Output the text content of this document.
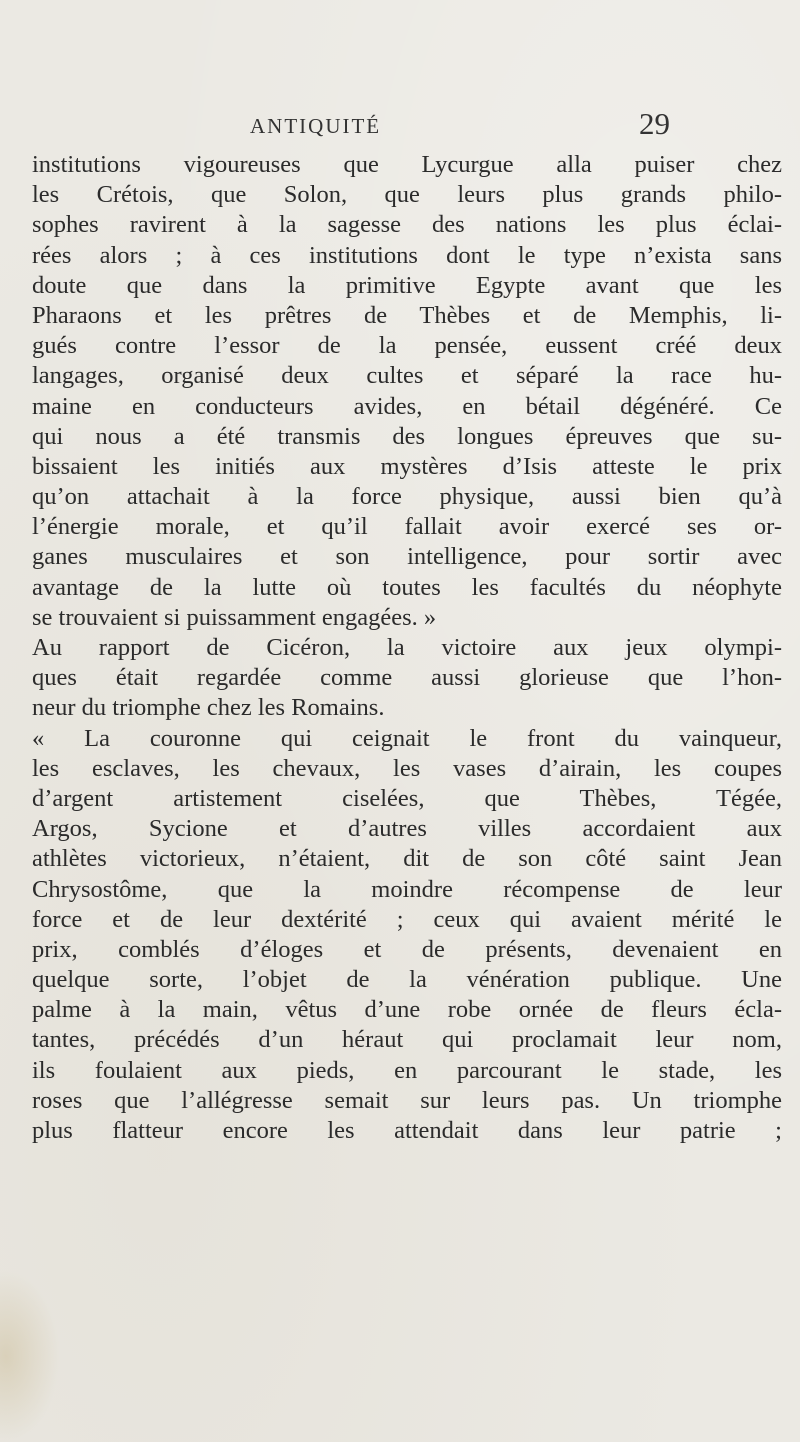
ANTIQUITÉ	29
institutions vigoureuses que Lycurgue alla puiser chez
les Crétois, que Solon, que leurs plus grands philo-
sophes ravirent à la sagesse des nations les plus éclai-
rées alors ; à ces institutions dont le type n’exista sans
doute que dans la primitive Egypte avant que les
Pharaons et les prêtres de Thèbes et de Memphis, li-
gués contre l’essor de la pensée, eussent créé deux
langages, organisé deux cultes et séparé la race hu-
maine en conducteurs avides, en bétail dégénéré. Ce
qui nous a été transmis des longues épreuves que su-
bissaient les initiés aux mystères d’Isis atteste le prix
qu’on attachait à la force physique, aussi bien qu’à
l’énergie morale, et qu’il fallait avoir exercé ses or-
ganes musculaires et son intelligence, pour sortir avec
avantage de la lutte où toutes les facultés du néophyte
se trouvaient si puissamment engagées. »
Au rapport de Cicéron, la victoire aux jeux olympi-
ques était regardée comme aussi glorieuse que l’hon-
neur du triomphe chez les Romains.
« La couronne qui ceignait le front du vainqueur,
les esclaves, les chevaux, les vases d’airain, les coupes
d’argent artistement ciselées, que Thèbes, Tégée,
Argos, Sycione et d’autres villes accordaient aux
athlètes victorieux, n’étaient, dit de son côté saint Jean
Chrysostôme, que la moindre récompense de leur
force et de leur dextérité ; ceux qui avaient mérité le
prix, comblés d’éloges et de présents, devenaient en
quelque sorte, l’objet de la vénération publique. Une
palme à la main, vêtus d’une robe ornée de fleurs écla-
tantes, précédés d’un héraut qui proclamait leur nom,
ils foulaient aux pieds, en parcourant le stade, les
roses que l’allégresse semait sur leurs pas. Un triomphe
plus flatteur encore les attendait dans leur patrie ;
